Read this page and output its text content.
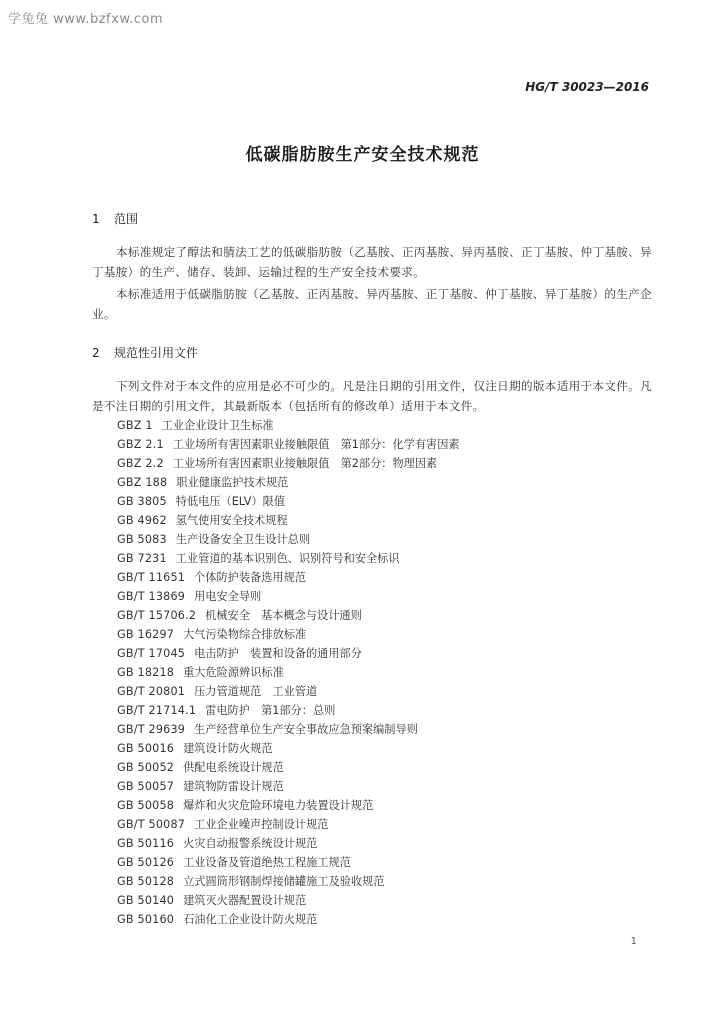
学兔兔 www.bzfxw.com
HG/T 30023—2016
低碳脂肪胺生产安全技术规范
1 范围
本标准规定了醇法和腈法工艺的低碳脂肪胺（乙基胺、正丙基胺、异丙基胺、正丁基胺、仲丁基胺、异丁基胺）的生产、储存、装卸、运输过程的生产安全技术要求。
本标准适用于低碳脂肪胺（乙基胺、正丙基胺、异丙基胺、正丁基胺、仲丁基胺、异丁基胺）的生产企业。
2 规范性引用文件
下列文件对于本文件的应用是必不可少的。凡是注日期的引用文件，仅注日期的版本适用于本文件。凡是不注日期的引用文件，其最新版本（包括所有的修改单）适用于本文件。
GBZ 1 工业企业设计卫生标准
GBZ 2.1 工业场所有害因素职业接触限值　第1部分：化学有害因素
GBZ 2.2 工业场所有害因素职业接触限值　第2部分：物理因素
GBZ 188 职业健康监护技术规范
GB 3805 特低电压（ELV）限值
GB 4962 氢气使用安全技术规程
GB 5083 生产设备安全卫生设计总则
GB 7231 工业管道的基本识别色、识别符号和安全标识
GB/T 11651 个体防护装备选用规范
GB/T 13869 用电安全导则
GB/T 15706.2 机械安全　基本概念与设计通则
GB 16297 大气污染物综合排放标准
GB/T 17045 电击防护　装置和设备的通用部分
GB 18218 重大危险源辨识标准
GB/T 20801 压力管道规范　工业管道
GB/T 21714.1 雷电防护　第1部分：总则
GB/T 29639 生产经营单位生产安全事故应急预案编制导则
GB 50016 建筑设计防火规范
GB 50052 供配电系统设计规范
GB 50057 建筑物防雷设计规范
GB 50058 爆炸和火灾危险环境电力装置设计规范
GB/T 50087 工业企业噪声控制设计规范
GB 50116 火灾自动报警系统设计规范
GB 50126 工业设备及管道绝热工程施工规范
GB 50128 立式圆筒形钢制焊接储罐施工及验收规范
GB 50140 建筑灭火器配置设计规范
GB 50160 石油化工企业设计防火规范
1
